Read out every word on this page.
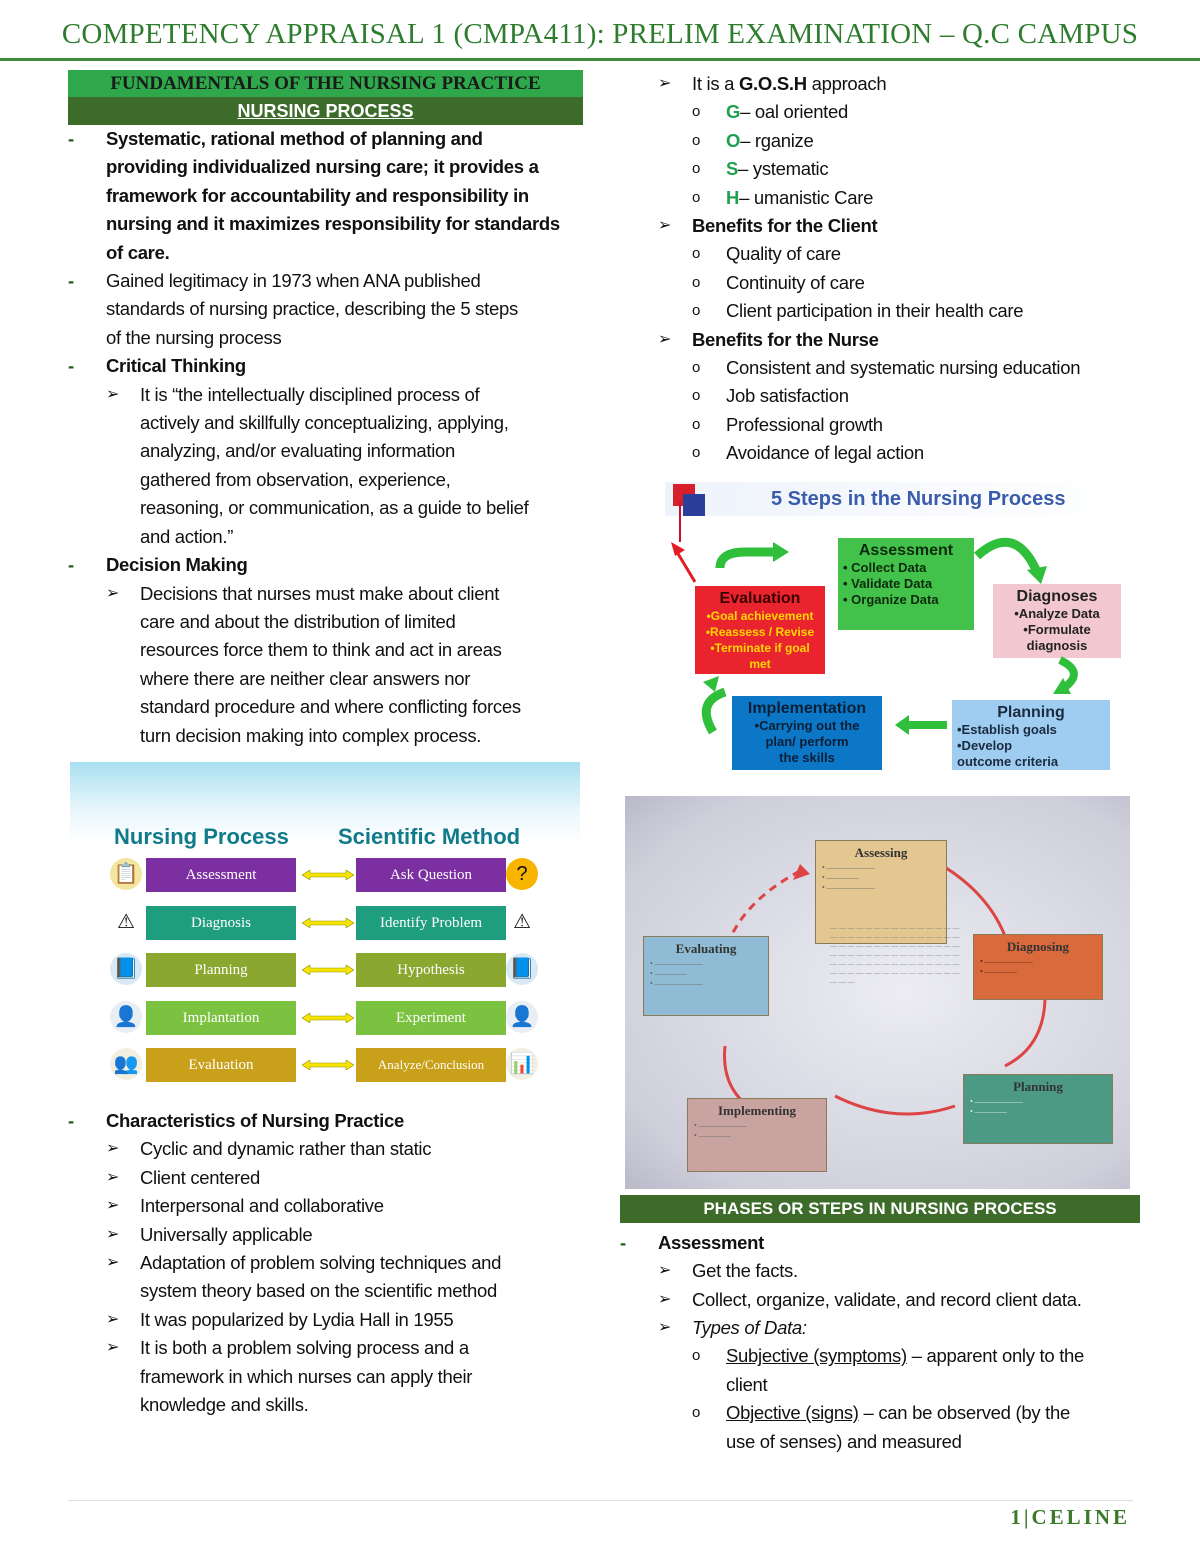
COMPETENCY APPRAISAL 1 (CMPA411): PRELIM EXAMINATION – Q.C CAMPUS
FUNDAMENTALS OF THE NURSING PRACTICE
NURSING PROCESS
-	Systematic, rational method of planning and
providing individualized nursing care; it provides a
framework for accountability and responsibility in
nursing and it maximizes responsibility for standards
of care.
-	Gained legitimacy in 1973 when ANA published
standards of nursing practice, describing the 5 steps
of the nursing process
-	Critical Thinking
➢	It is “the intellectually disciplined process of
actively and skillfully conceptualizing, applying,
analyzing, and/or evaluating information
gathered from observation, experience,
reasoning, or communication, as a guide to belief
and action.”
-	Decision Making
➢	Decisions that nurses must make about client
care and about the distribution of limited
resources force them to think and act in areas
where there are neither clear answers nor
standard procedure and where conflicting forces
turn decision making into complex process.
Nursing Process Scientific Method
📋	Assessment	Ask Question	?
⚠	Diagnosis	Identify Problem	⚠
📘	Planning	Hypothesis	📘
👤	Implantation	Experiment	👤
👥	Evaluation	Analyze/Conclusion	📊
-	Characteristics of Nursing Practice
➢	Cyclic and dynamic rather than static
➢	Client centered
➢	Interpersonal and collaborative
➢	Universally applicable
➢	Adaptation of problem solving techniques and
system theory based on the scientific method
➢	It was popularized by Lydia Hall in 1955
➢	It is both a problem solving process and a
framework in which nurses can apply their
knowledge and skills.
➢	It is a G.O.S.H approach
o	G – oal oriented
o	O – rganize
o	S – ystematic
o	H – umanistic Care
➢	Benefits for the Client
o	Quality of care
o	Continuity of care
o	Client participation in their health care
➢	Benefits for the Nurse
o	Consistent and systematic nursing education
o	Job satisfaction
o	Professional growth
o	Avoidance of legal action
5 Steps in the Nursing Process
Assessment
• Collect Data
• Validate Data
• Organize Data	Diagnoses
•Analyze Data
•Formulate
diagnosis
Planning
•Establish goals
•Develop
outcome criteria
Implementation
•Carrying out the
plan/ perform
the skills
Evaluation
•Goal achievement
•Reassess / Revise
•Terminate if goal
met
Assessing
• ——————
• ————
• ——————
Diagnosing
• ——————
• ————
Planning
• ——————
• ————
Implementing
• ——————
• ————
Evaluating
• ——————
• ————
• ——————
— — — — — — — — — — — — — — — — — — — — — — — — — — — — — — — — — — — — — — — — — — — — — — — — — — — — — — — — — — — — — — — — — — — — — — — — — — — — — — — — — — — — — — — — — — — — —
PHASES OR STEPS IN NURSING PROCESS
-	Assessment
➢	Get the facts.
➢	Collect, organize, validate, and record client data.
➢	Types of Data:
o	Subjective (symptoms) – apparent only to the
client
o	Objective (signs) – can be observed (by the
use of senses) and measured
1|CELINE
